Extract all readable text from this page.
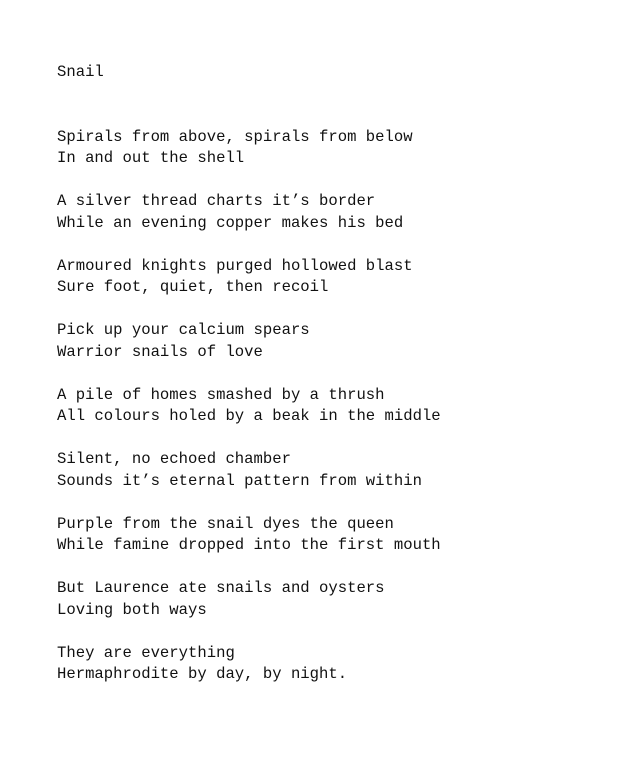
Snail
Spirals from above, spirals from below
In and out the shell
A silver thread charts it’s border
While an evening copper makes his bed
Armoured knights purged hollowed blast
Sure foot, quiet, then recoil
Pick up your calcium spears
Warrior snails of love
A pile of homes smashed by a thrush
All colours holed by a beak in the middle
Silent, no echoed chamber
Sounds it’s eternal pattern from within
Purple from the snail dyes the queen
While famine dropped into the first mouth
But Laurence ate snails and oysters
Loving both ways
They are everything
Hermaphrodite by day, by night.
